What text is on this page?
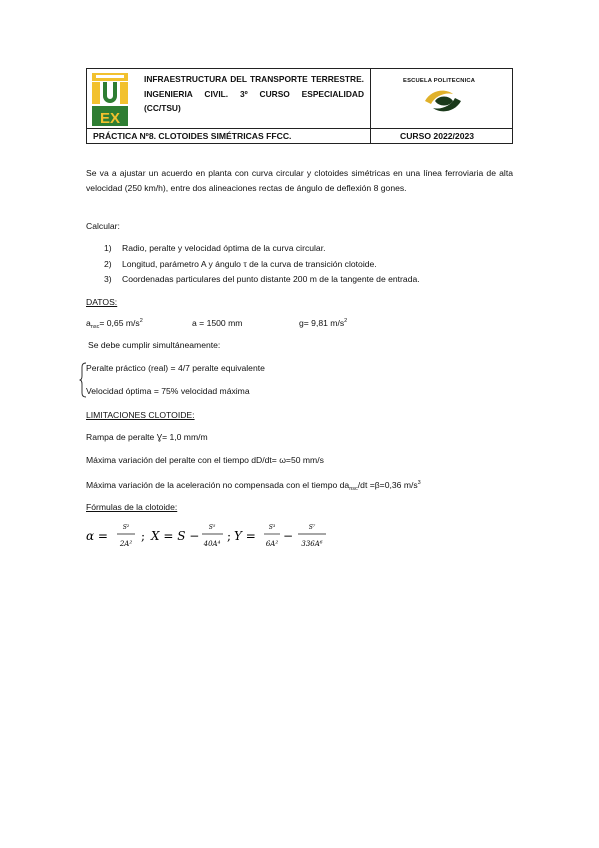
EX
INFRAESTRUCTURA DEL TRANSPORTE TERRESTRE. INGENIERIA CIVIL. 3º CURSO ESPECIALIDAD (CC/TSU)
ESCUELA POLITECNICA
PRÁCTICA Nº8. CLOTOIDES SIMÉTRICAS FFCC.	CURSO 2022/2023
Se va a ajustar un acuerdo en planta con curva circular y clotoides simétricas en una línea ferroviaria de alta velocidad (250 km/h), entre dos alineaciones rectas de ángulo de deflexión 8 gones.
Calcular:
1)	Radio, peralte y velocidad óptima de la curva circular.
2)	Longitud, parámetro A y ángulo τ de la curva de transición clotoide.
3)	Coordenadas particulares del punto distante 200 m de la tangente de entrada.
DATOS:
$a_{nsc}= 0,65$ $m/s^2$	a = 1500 mm	g= 9,81 $m/s^2$
Se debe cumplir simultáneamente:
Peralte práctico (real) = 4/7 peralte equivalente
Velocidad óptima = 75% velocidad máxima
LIMITACIONES CLOTOIDE:
Rampa de peralte Ɣ= 1,0 mm/m
Máxima variación del peralte con el tiempo dD/dt= ω=50 mm/s
Máxima variación de la aceleración no compensada con el tiempo $da_{nsc}/dt =\beta=0,36$ $m/s^3$
Fórmulas de la clotoide:
α =
S²
2A²
; X = S −
S⁵
40A⁴
; Y =
S³
6A²
−
S⁷
336A⁶
